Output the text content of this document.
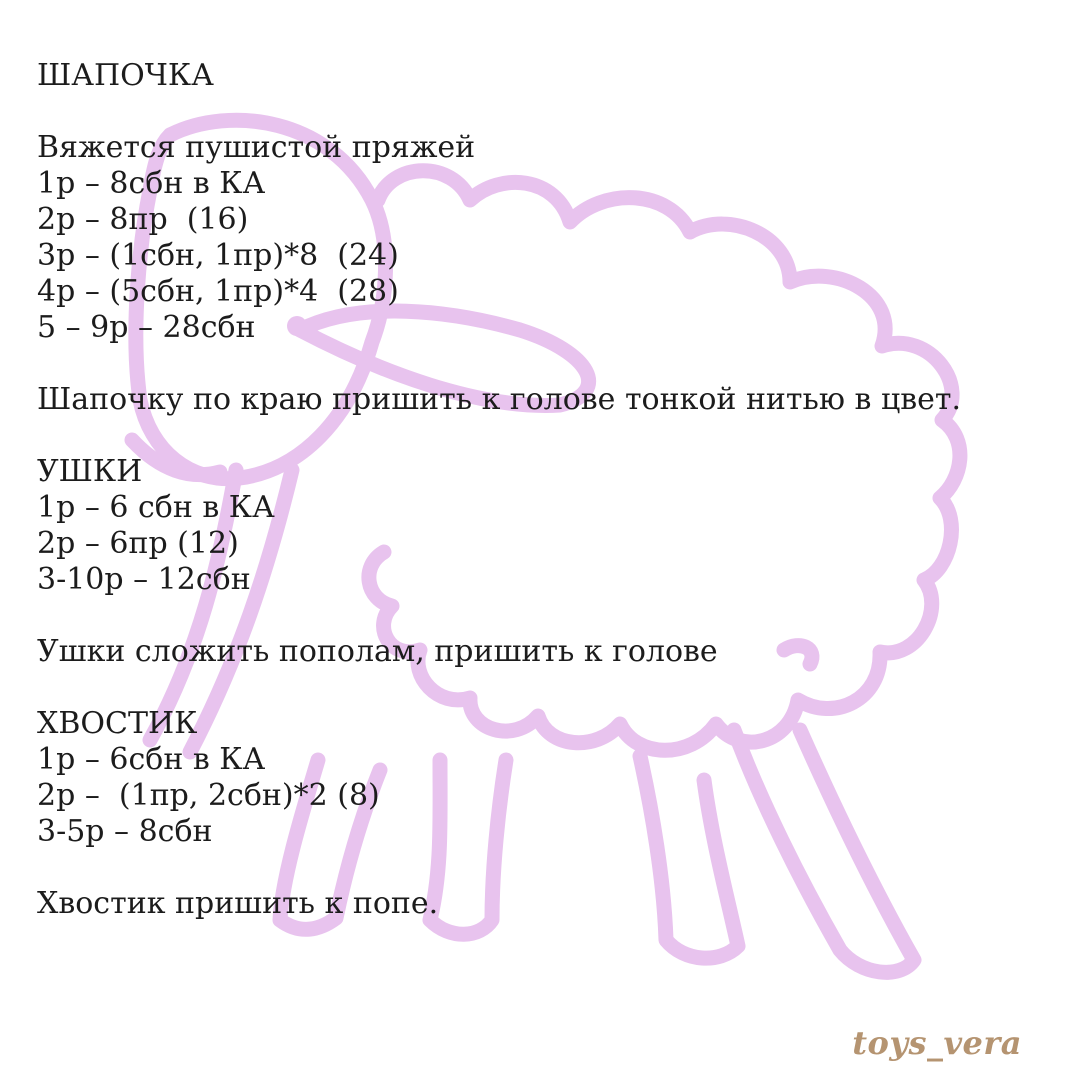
ШАПОЧКА
Вяжется пушистой пряжей
1р – 8сбн в КА
2р – 8пр  (16)
3р – (1сбн, 1пр)*8  (24)
4р – (5сбн, 1пр)*4  (28)
5 – 9р – 28сбн
Шапочку по краю пришить к голове тонкой нитью в цвет.
УШКИ
1р – 6 сбн в КА
2р – 6пр (12)
3-10р – 12сбн
Ушки сложить пополам, пришить к голове
ХВОСТИК
1р – 6сбн в КА
2р –  (1пр, 2сбн)*2 (8)
3-5р – 8сбн
Хвостик пришить к попе.
toys_vera
